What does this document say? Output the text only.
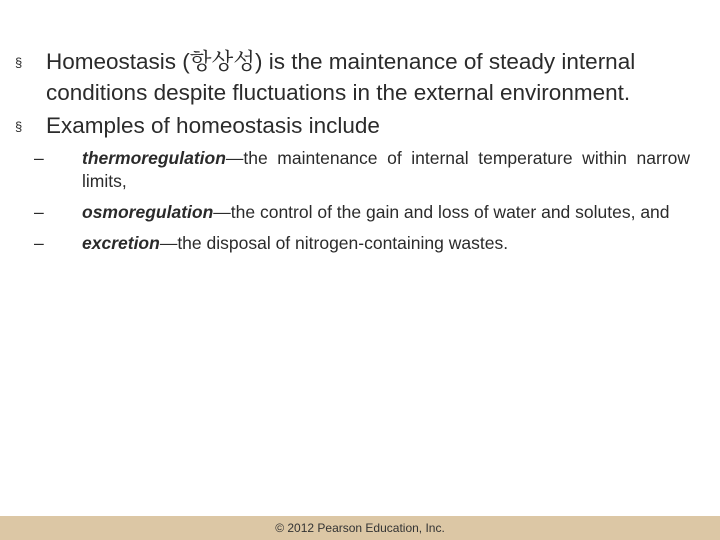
§ Homeostasis (항상성) is the maintenance of steady internal conditions despite fluctuations in the external environment.
§ Examples of homeostasis include
– thermoregulation—the maintenance of internal temperature within narrow limits,
– osmoregulation—the control of the gain and loss of water and solutes, and
– excretion—the disposal of nitrogen-containing wastes.
© 2012 Pearson Education, Inc.
